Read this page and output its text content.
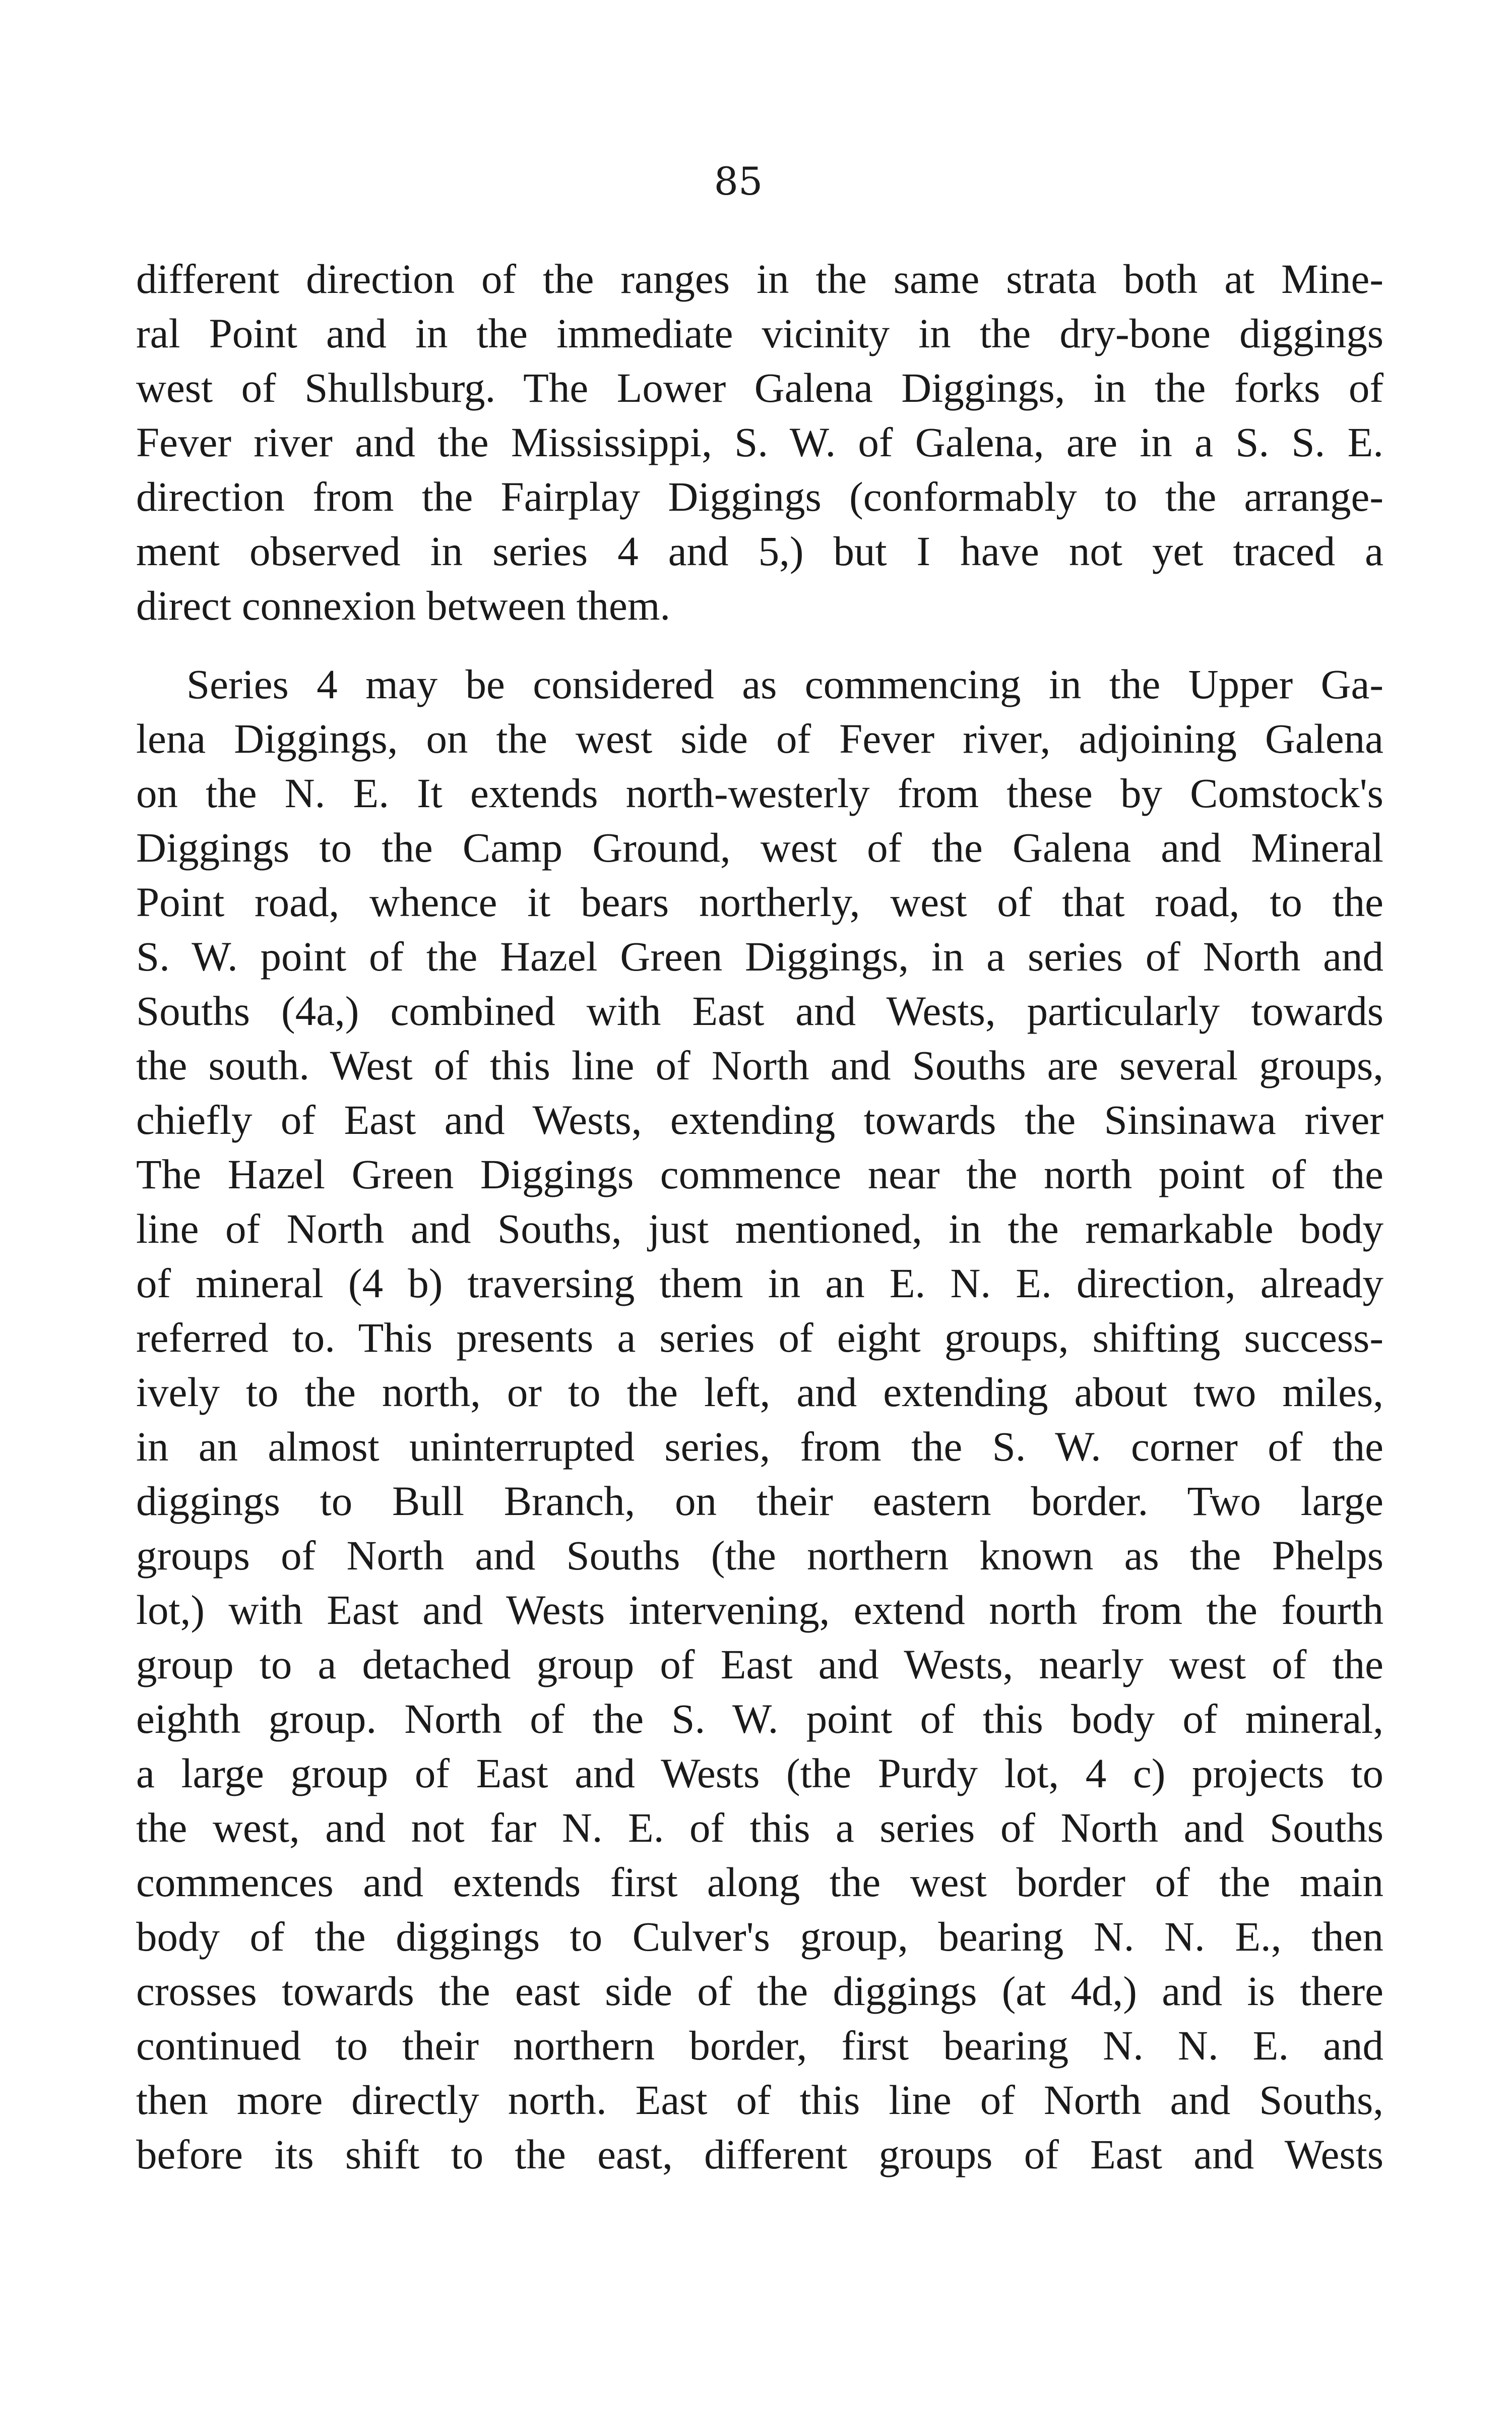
85
different direction of the ranges in the same strata both at Mine-
ral Point and in the immediate vicinity in the dry-bone diggings
west of Shullsburg. The Lower Galena Diggings, in the forks of
Fever river and the Mississippi, S. W. of Galena, are in a S. S. E.
direction from the Fairplay Diggings (conformably to the arrange-
ment observed in series 4 and 5,) but I have not yet traced a
direct connexion between them.
Series 4 may be considered as commencing in the Upper Ga-
lena Diggings, on the west side of Fever river, adjoining Galena
on the N. E. It extends north-westerly from these by Comstock's
Diggings to the Camp Ground, west of the Galena and Mineral
Point road, whence it bears northerly, west of that road, to the
S. W. point of the Hazel Green Diggings, in a series of North and
Souths (4a,) combined with East and Wests, particularly towards
the south. West of this line of North and Souths are several groups,
chiefly of East and Wests, extending towards the Sinsinawa river
The Hazel Green Diggings commence near the north point of the
line of North and Souths, just mentioned, in the remarkable body
of mineral (4 b) traversing them in an E. N. E. direction, already
referred to. This presents a series of eight groups, shifting success-
ively to the north, or to the left, and extending about two miles,
in an almost uninterrupted series, from the S. W. corner of the
diggings to Bull Branch, on their eastern border. Two large
groups of North and Souths (the northern known as the Phelps
lot,) with East and Wests intervening, extend north from the fourth
group to a detached group of East and Wests, nearly west of the
eighth group. North of the S. W. point of this body of mineral,
a large group of East and Wests (the Purdy lot, 4 c) projects to
the west, and not far N. E. of this a series of North and Souths
commences and extends first along the west border of the main
body of the diggings to Culver's group, bearing N. N. E., then
crosses towards the east side of the diggings (at 4d,) and is there
continued to their northern border, first bearing N. N. E. and
then more directly north. East of this line of North and Souths,
before its shift to the east, different groups of East and Wests
